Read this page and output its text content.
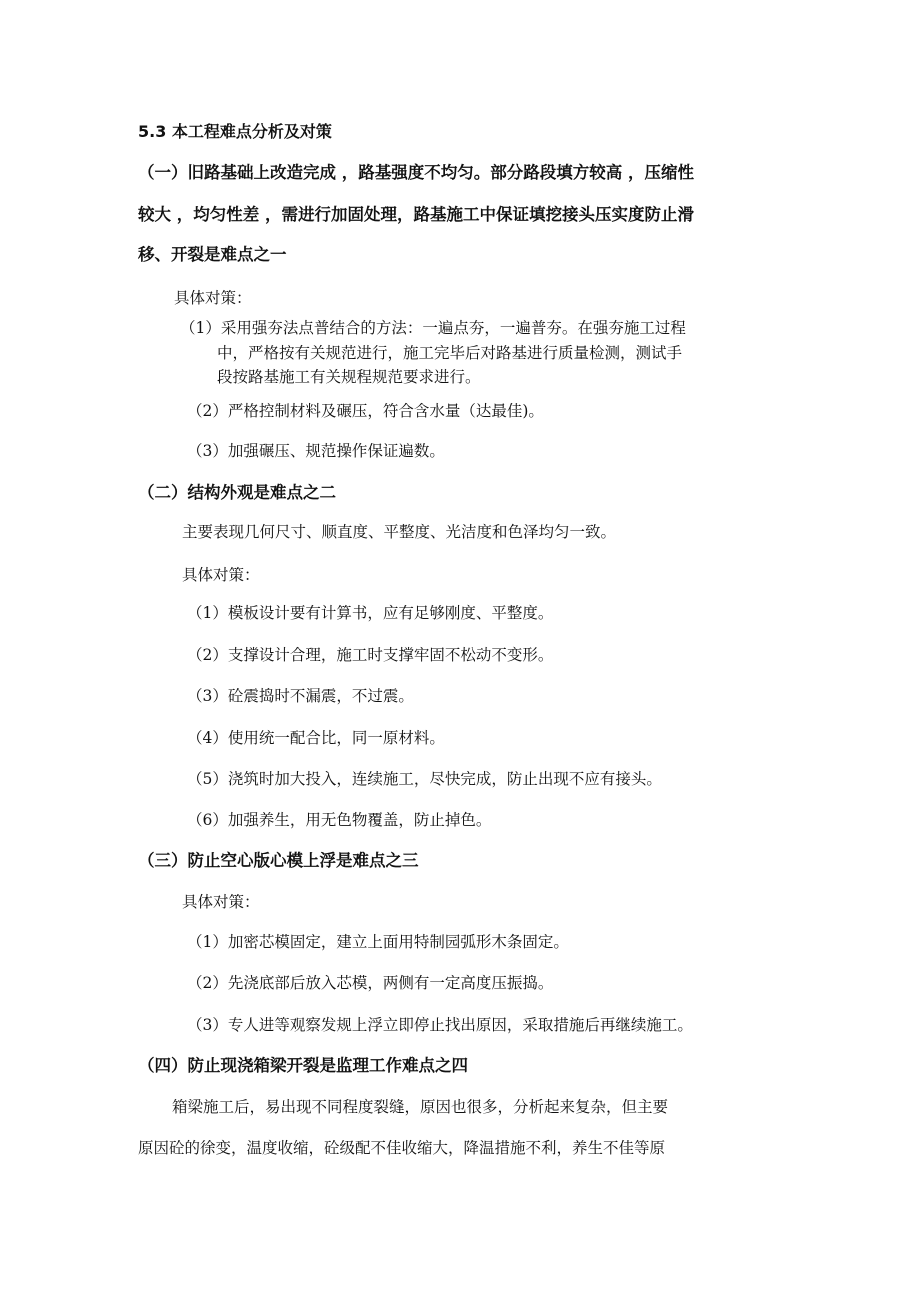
5.3 本工程难点分析及对策
（一）旧路基础上改造完成 ，路基强度不均匀。部分路段填方较高 ，压缩性
较大 ，均匀性差 ，需进行加固处理，路基施工中保证填挖接头压实度防止滑
移、开裂是难点之一
具体对策：
（1）采用强夯法点普结合的方法：一遍点夯，一遍普夯。在强夯施工过程
中，严格按有关规范进行，施工完毕后对路基进行质量检测，测试手
段按路基施工有关规程规范要求进行。
（2）严格控制材料及碾压，符合含水量（达最佳)。
（3）加强碾压、规范操作保证遍数。
（二）结构外观是难点之二
主要表现几何尺寸、顺直度、平整度、光洁度和色泽均匀一致。
具体对策：
（1）模板设计要有计算书，应有足够刚度、平整度。
（2）支撑设计合理，施工时支撑牢固不松动不变形。
（3）砼震捣时不漏震，不过震。
（4）使用统一配合比，同一原材料。
（5）浇筑时加大投入，连续施工，尽快完成，防止出现不应有接头。
（6）加强养生，用无色物覆盖，防止掉色。
（三）防止空心版心模上浮是难点之三
具体对策：
（1）加密芯模固定，建立上面用特制园弧形木条固定。
（2）先浇底部后放入芯模，两侧有一定高度压振捣。
（3）专人进等观察发规上浮立即停止找出原因，采取措施后再继续施工。
（四）防止现浇箱梁开裂是监理工作难点之四
箱梁施工后，易出现不同程度裂缝，原因也很多，分析起来复杂，但主要
原因砼的徐变，温度收缩，砼级配不佳收缩大，降温措施不利，养生不佳等原
